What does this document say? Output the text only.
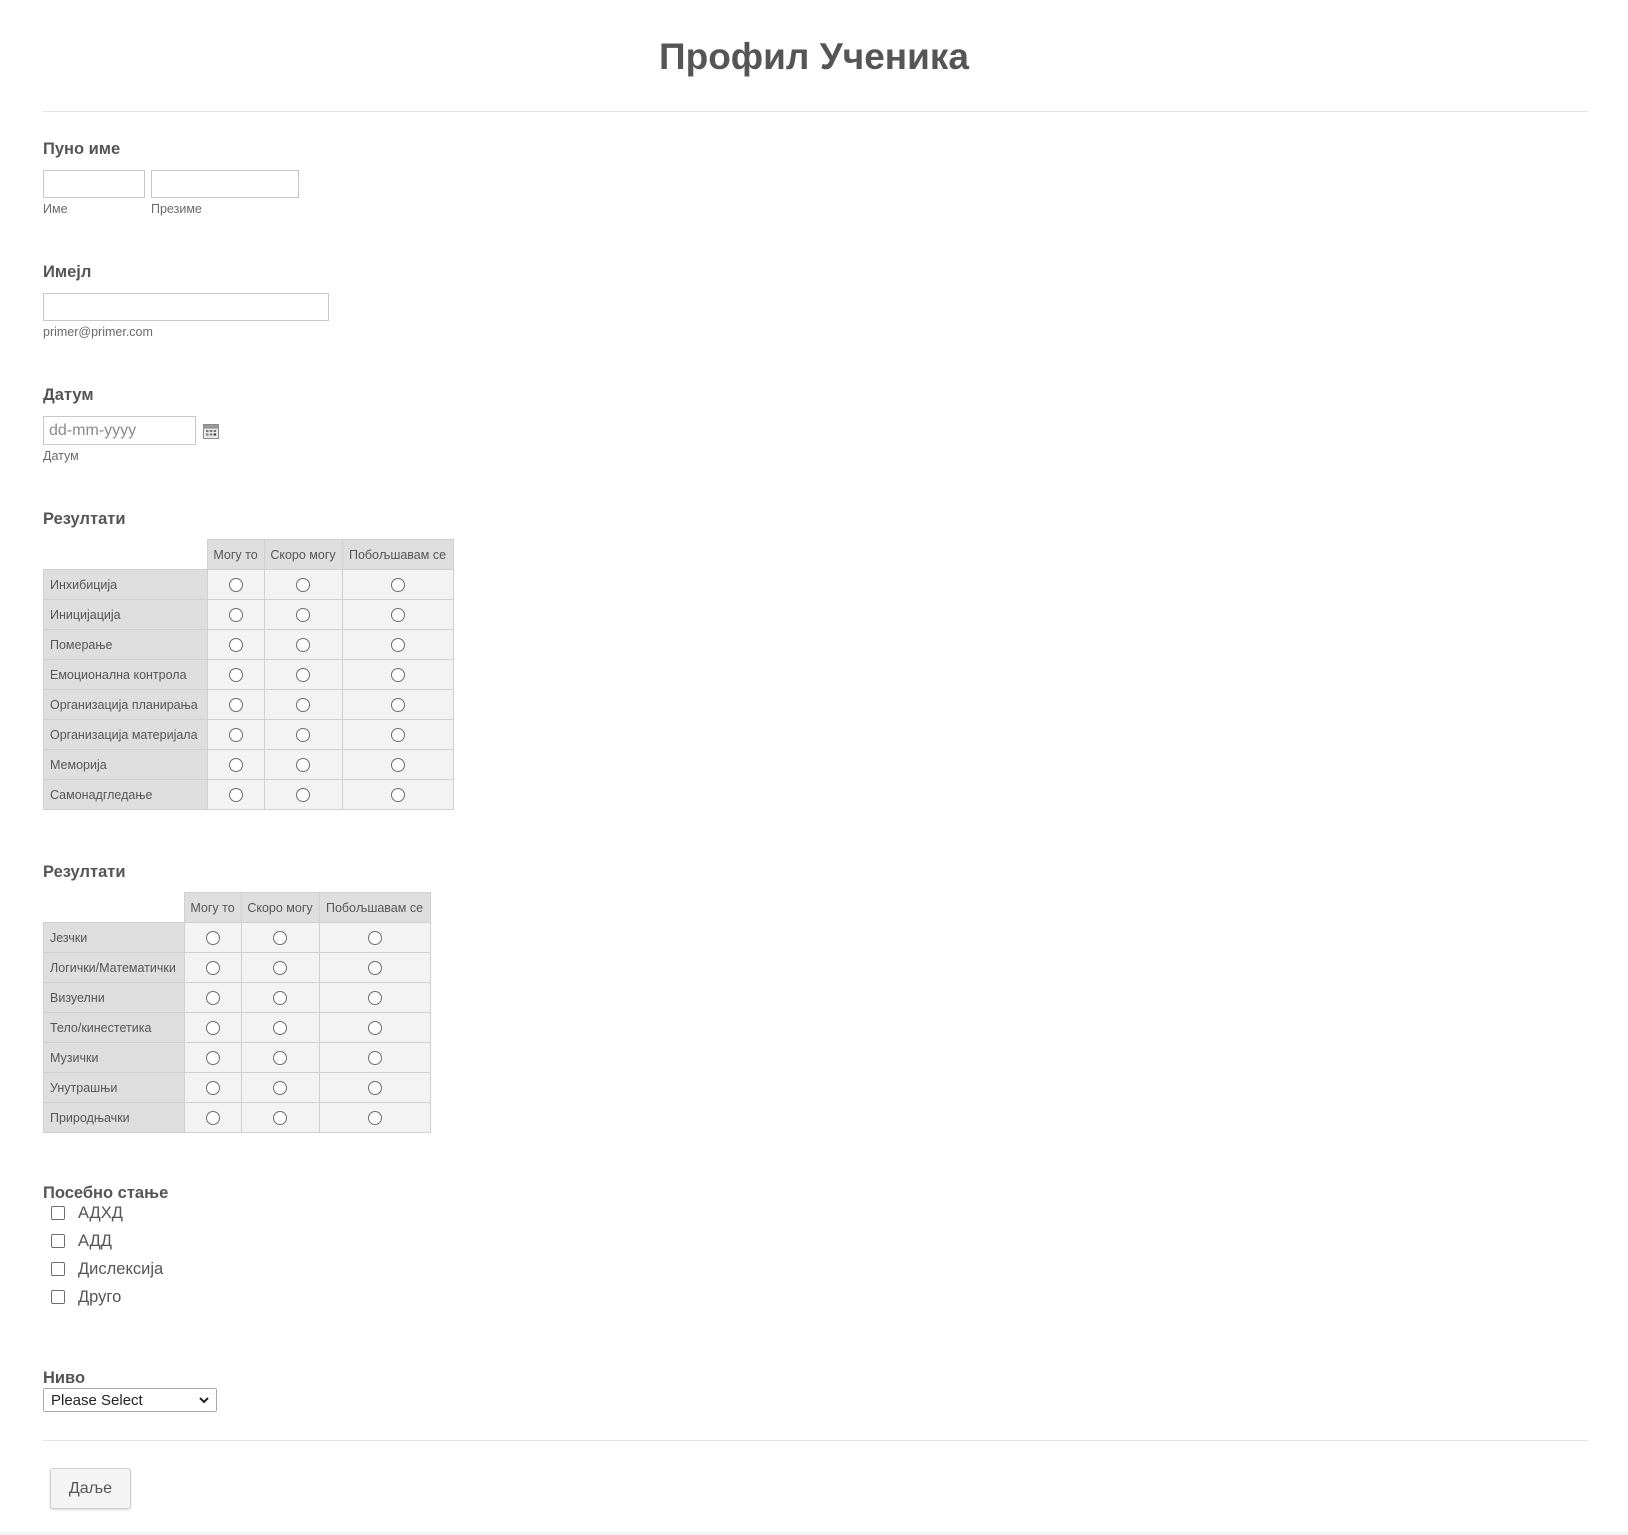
Профил Ученика
Пуно име
Име	Презиме
Имејл
primer@primer.com
Датум
dd-mm-yyyy
Датум
Резултати
	Могу то	Скоро могу	Побољшавам се
Инхибиција			
Иницијација			
Померање			
Емоционална контрола			
Организација планирања			
Организација материјала			
Меморија			
Самонадгледање			
Резултати
	Могу то	Скоро могу	Побољшавам се
Језчки			
Логички/Математички			
Визуелни			
Тело/кинестетика			
Музички			
Унутрашњи			
Природњачки			
Посебно стање
АДХД
АДД
Дислексија
Друго
Ниво
Please Select
Даље
